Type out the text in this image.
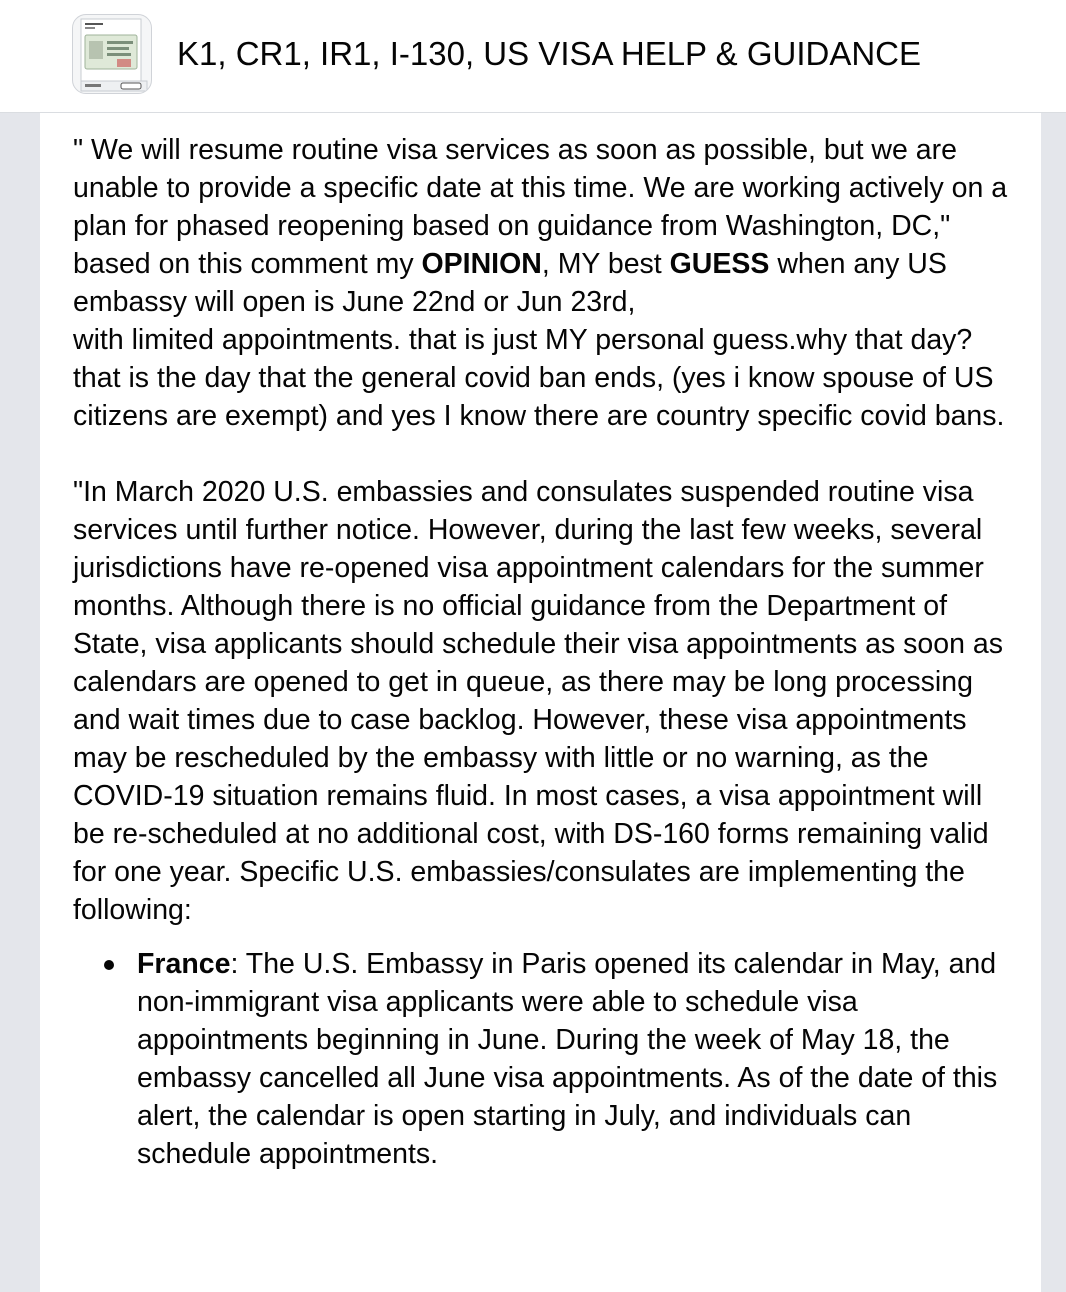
K1, CR1, IR1, I-130, US VISA HELP & GUIDANCE

" We will resume routine visa services as soon as possible, but we are unable to provide a specific date at this time. We are working actively on a plan for phased reopening based on guidance from Washington, DC,"

based on this comment my OPINION, MY best GUESS when any US embassy will open is June 22nd or Jun 23rd,

with limited appointments. that is just MY personal guess.why that day? that is the day that the general covid ban ends, (yes i know spouse of US citizens are exempt) and yes I know there are country specific covid bans.

"In March 2020 U.S. embassies and consulates suspended routine visa services until further notice. However, during the last few weeks, several jurisdictions have re-opened visa appointment calendars for the summer months. Although there is no official guidance from the Department of State, visa applicants should schedule their visa appointments as soon as calendars are opened to get in queue, as there may be long processing and wait times due to case backlog. However, these visa appointments may be rescheduled by the embassy with little or no warning, as the COVID-19 situation remains fluid. In most cases, a visa appointment will be re-scheduled at no additional cost, with DS-160 forms remaining valid for one year. Specific U.S. embassies/consulates are implementing the following:

France: The U.S. Embassy in Paris opened its calendar in May, and non-immigrant visa applicants were able to schedule visa appointments beginning in June. During the week of May 18, the embassy cancelled all June visa appointments. As of the date of this alert, the calendar is open starting in July, and individuals can schedule appointments.
